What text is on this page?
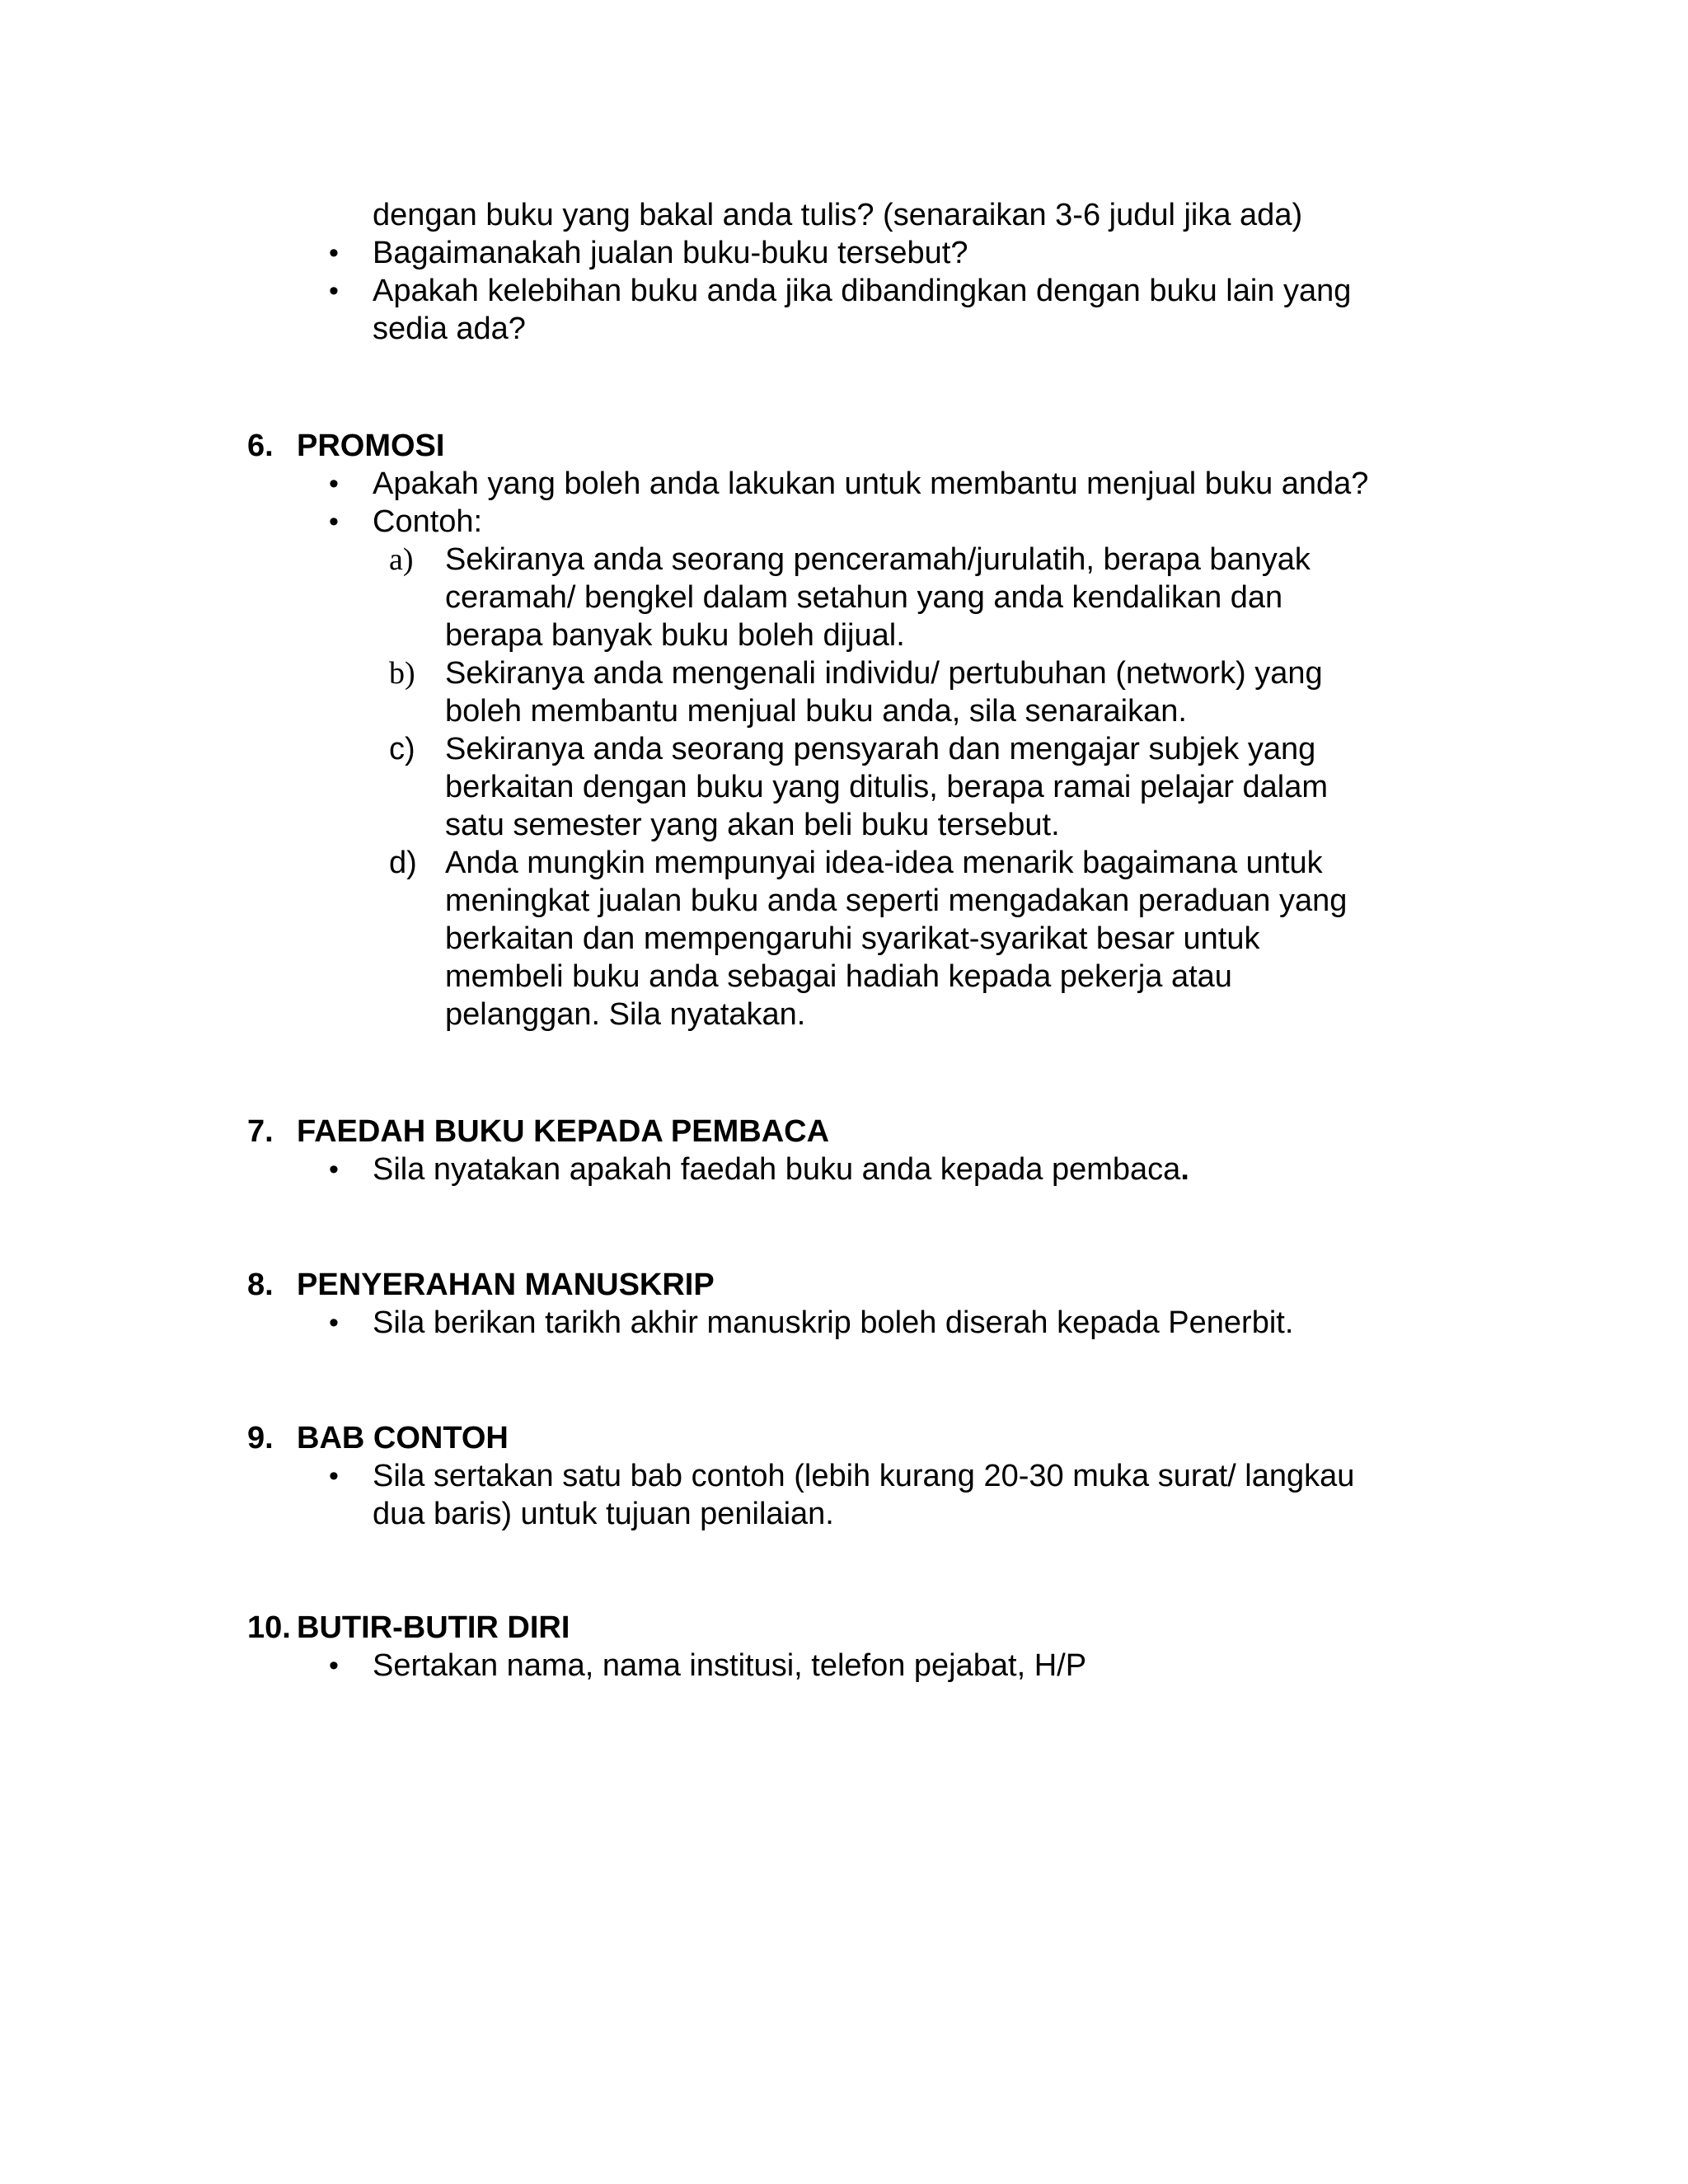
dengan buku yang bakal anda tulis? (senaraikan 3-6 judul jika ada)
• Bagaimanakah jualan buku-buku tersebut?
• Apakah kelebihan buku anda jika dibandingkan dengan buku lain yang
sedia ada?
6. PROMOSI
• Apakah yang boleh anda lakukan untuk membantu menjual buku anda?
• Contoh:
a) Sekiranya anda seorang penceramah/jurulatih, berapa banyak
ceramah/ bengkel dalam setahun yang anda kendalikan dan
berapa banyak buku boleh dijual.
b) Sekiranya anda mengenali individu/ pertubuhan (network) yang
boleh membantu menjual buku anda, sila senaraikan.
c) Sekiranya anda seorang pensyarah dan mengajar subjek yang
berkaitan dengan buku yang ditulis, berapa ramai pelajar dalam
satu semester yang akan beli buku tersebut.
d) Anda mungkin mempunyai idea-idea menarik bagaimana untuk
meningkat jualan buku anda seperti mengadakan peraduan yang
berkaitan dan mempengaruhi syarikat-syarikat besar untuk
membeli buku anda sebagai hadiah kepada pekerja atau
pelanggan. Sila nyatakan.
7. FAEDAH BUKU KEPADA PEMBACA
• Sila nyatakan apakah faedah buku anda kepada pembaca.
8. PENYERAHAN MANUSKRIP
• Sila berikan tarikh akhir manuskrip boleh diserah kepada Penerbit.
9. BAB CONTOH
• Sila sertakan satu bab contoh (lebih kurang 20-30 muka surat/ langkau
dua baris) untuk tujuan penilaian.
10. BUTIR-BUTIR DIRI
• Sertakan nama, nama institusi, telefon pejabat, H/P
